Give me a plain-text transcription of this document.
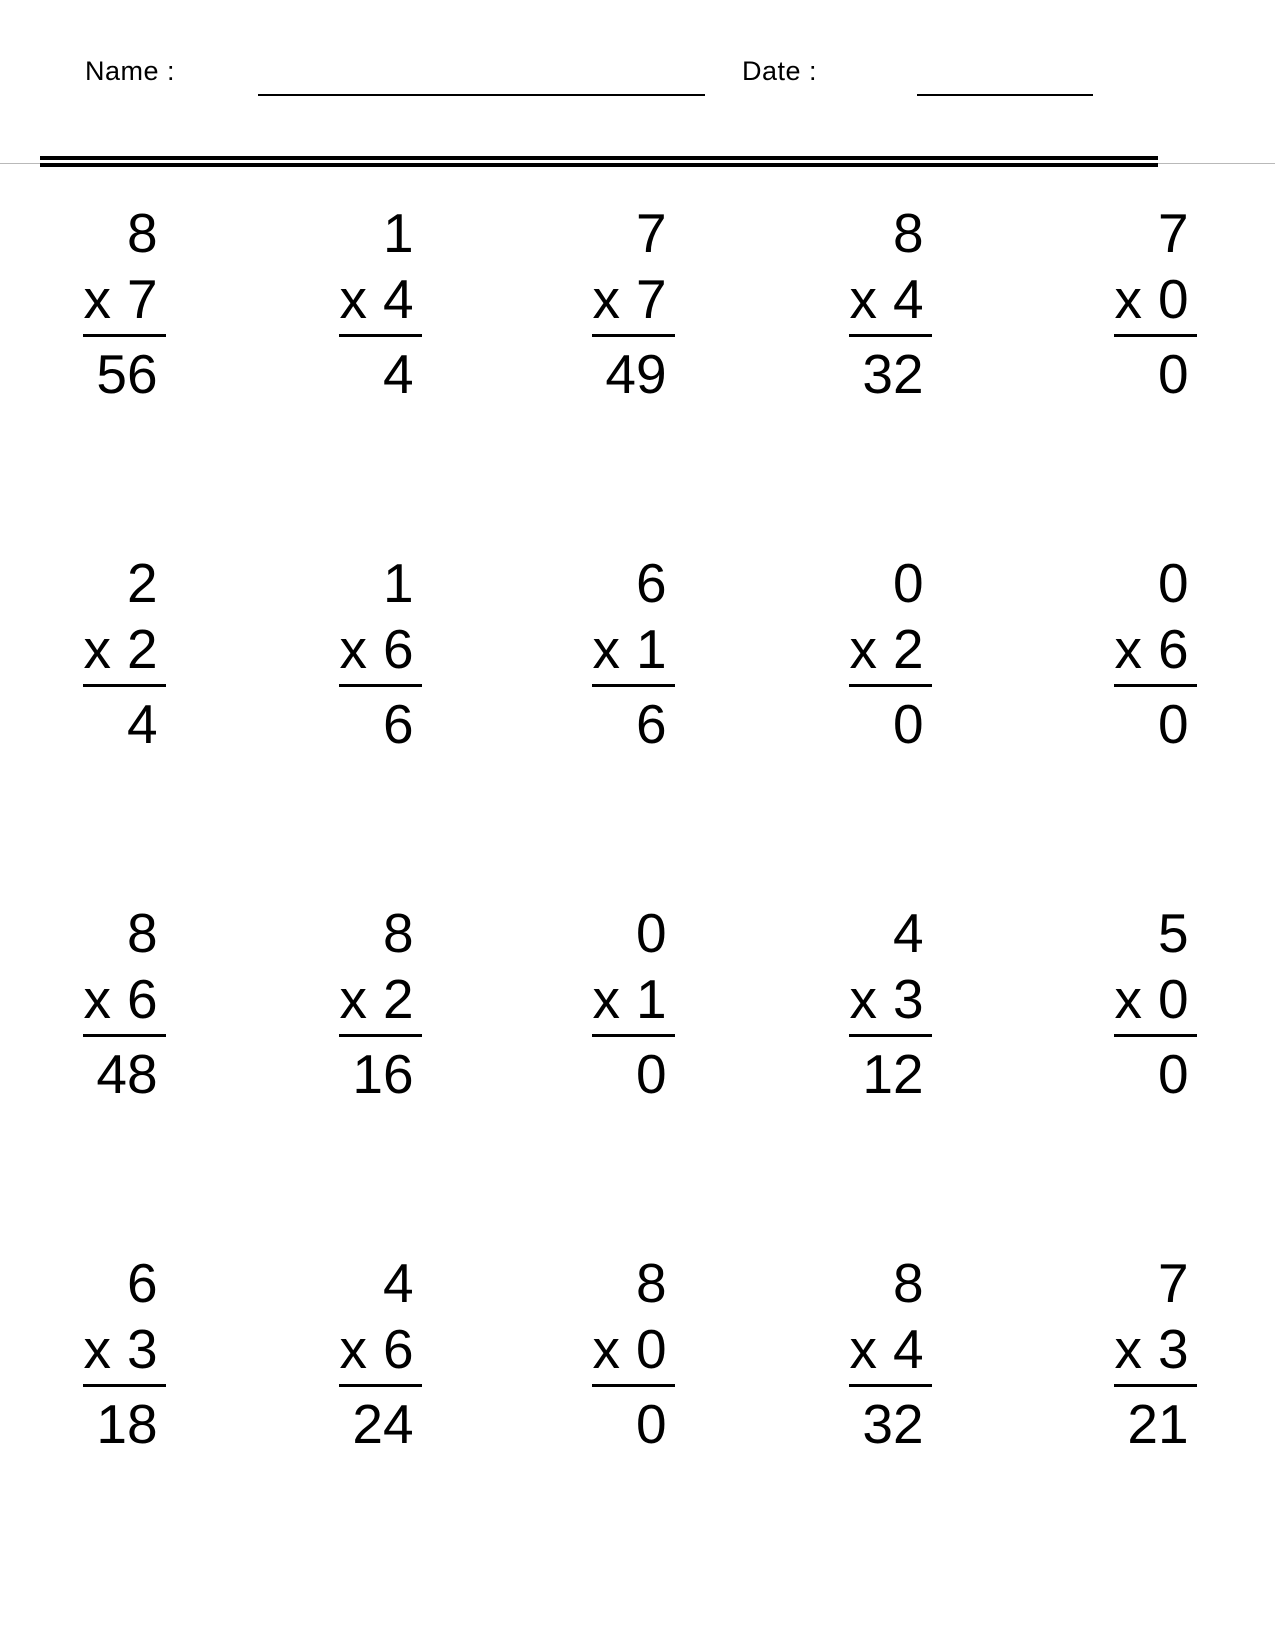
Name :	Date :
8
x 7
56
1
x 4
4
7
x 7
49
8
x 4
32
7
x 0
0
2
x 2
4
1
x 6
6
6
x 1
6
0
x 2
0
0
x 6
0
8
x 6
48
8
x 2
16
0
x 1
0
4
x 3
12
5
x 0
0
6
x 3
18
4
x 6
24
8
x 0
0
8
x 4
32
7
x 3
21
